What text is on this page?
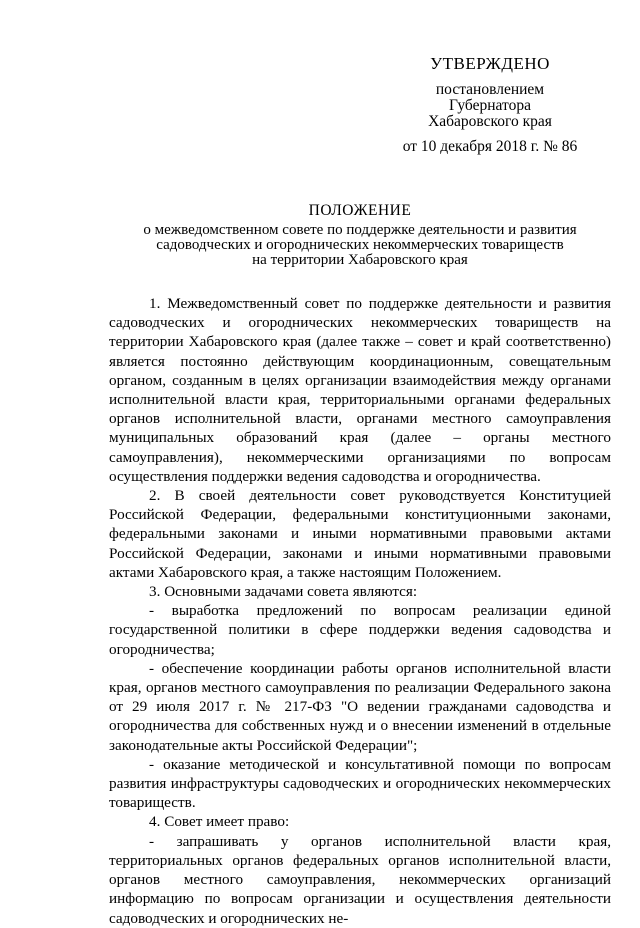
УТВЕРЖДЕНО
постановлением
Губернатора
Хабаровского края
от 10 декабря 2018 г. № 86
ПОЛОЖЕНИЕ
о межведомственном совете по поддержке деятельности и развития
садоводческих и огороднических некоммерческих товариществ
на территории Хабаровского края

1. Межведомственный совет по поддержке деятельности и развития садоводческих и огороднических некоммерческих товариществ на территории Хабаровского края (далее также – совет и край соответственно) является постоянно действующим координационным, совещательным органом, созданным в целях организации взаимодействия между органами исполнительной власти края, территориальными органами федеральных органов исполнительной власти, органами местного самоуправления муниципальных образований края (далее – органы местного самоуправления), некоммерческими организациями по вопросам осуществления поддержки ведения садоводства и огородничества.

2. В своей деятельности совет руководствуется Конституцией Российской Федерации, федеральными конституционными законами, федеральными законами и иными нормативными правовыми актами Российской Федерации, законами и иными нормативными правовыми актами Хабаровского края, а также настоящим Положением.

3. Основными задачами совета являются:

- выработка предложений по вопросам реализации единой государственной политики в сфере поддержки ведения садоводства и огородничества;

- обеспечение координации работы органов исполнительной власти края, органов местного самоуправления по реализации Федерального закона от 29 июля 2017 г. № 217-ФЗ "О ведении гражданами садоводства и огородничества для собственных нужд и о внесении изменений в отдельные законодательные акты Российской Федерации";

- оказание методической и консультативной помощи по вопросам развития инфраструктуры садоводческих и огороднических некоммерческих товариществ.

4. Совет имеет право:

- запрашивать у органов исполнительной власти края, территориальных органов федеральных органов исполнительной власти, органов местного самоуправления, некоммерческих организаций информацию по вопросам организации и осуществления деятельности садоводческих и огороднических не-
